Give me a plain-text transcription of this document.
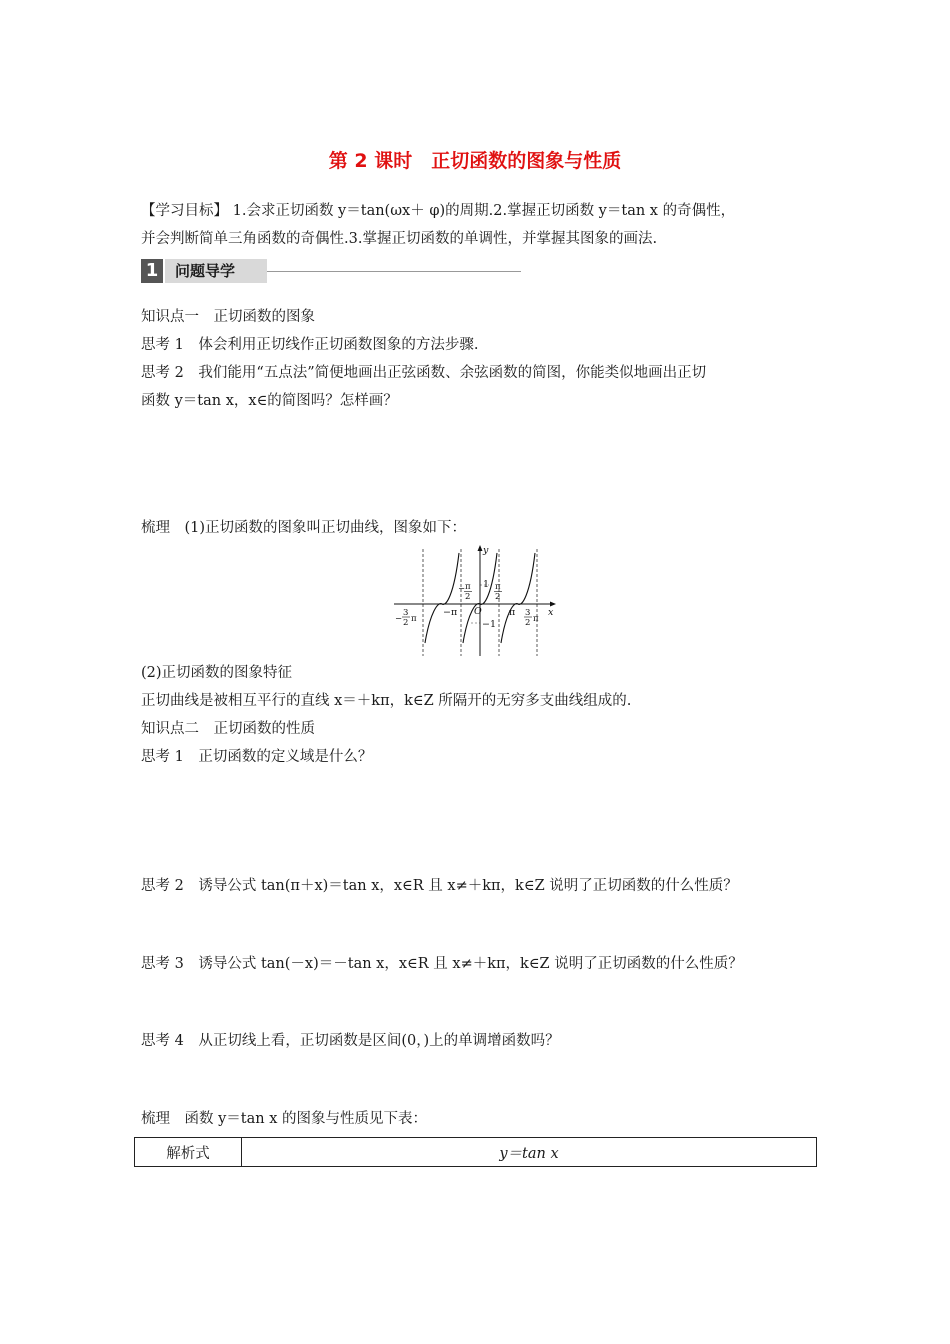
第 2 课时　正切函数的图象与性质
【学习目标】 1.会求正切函数 y＝tan(ωx＋ φ)的周期.2.掌握正切函数 y＝tan x 的奇偶性，
并会判断简单三角函数的奇偶性.3.掌握正切函数的单调性，并掌握其图象的画法.
1	问题导学
知识点一　正切函数的图象
思考 1　体会利用正切线作正切函数图象的方法步骤.
思考 2　我们能用“五点法”简便地画出正弦函数、余弦函数的简图，你能类似地画出正切
函数 y＝tan x，x∈的简图吗？怎样画？
梳理　(1)正切函数的图象叫正切曲线，图象如下：
y
x
O
1
−1
−π	π
− π
2
π
2
−
3
2 π
3
2 π
(2)正切函数的图象特征
正切曲线是被相互平行的直线 x＝＋kπ，k∈Z 所隔开的无穷多支曲线组成的.
知识点二　正切函数的性质
思考 1　正切函数的定义域是什么？
思考 2　诱导公式 tan(π＋x)＝tan x，x∈R 且 x≠＋kπ，k∈Z 说明了正切函数的什么性质？
思考 3　诱导公式 tan(－x)＝－tan x，x∈R 且 x≠＋kπ，k∈Z 说明了正切函数的什么性质？
思考 4　从正切线上看，正切函数是区间(0，)上的单调增函数吗？
梳理　函数 y＝tan x 的图象与性质见下表：
解析式	y＝tan x
